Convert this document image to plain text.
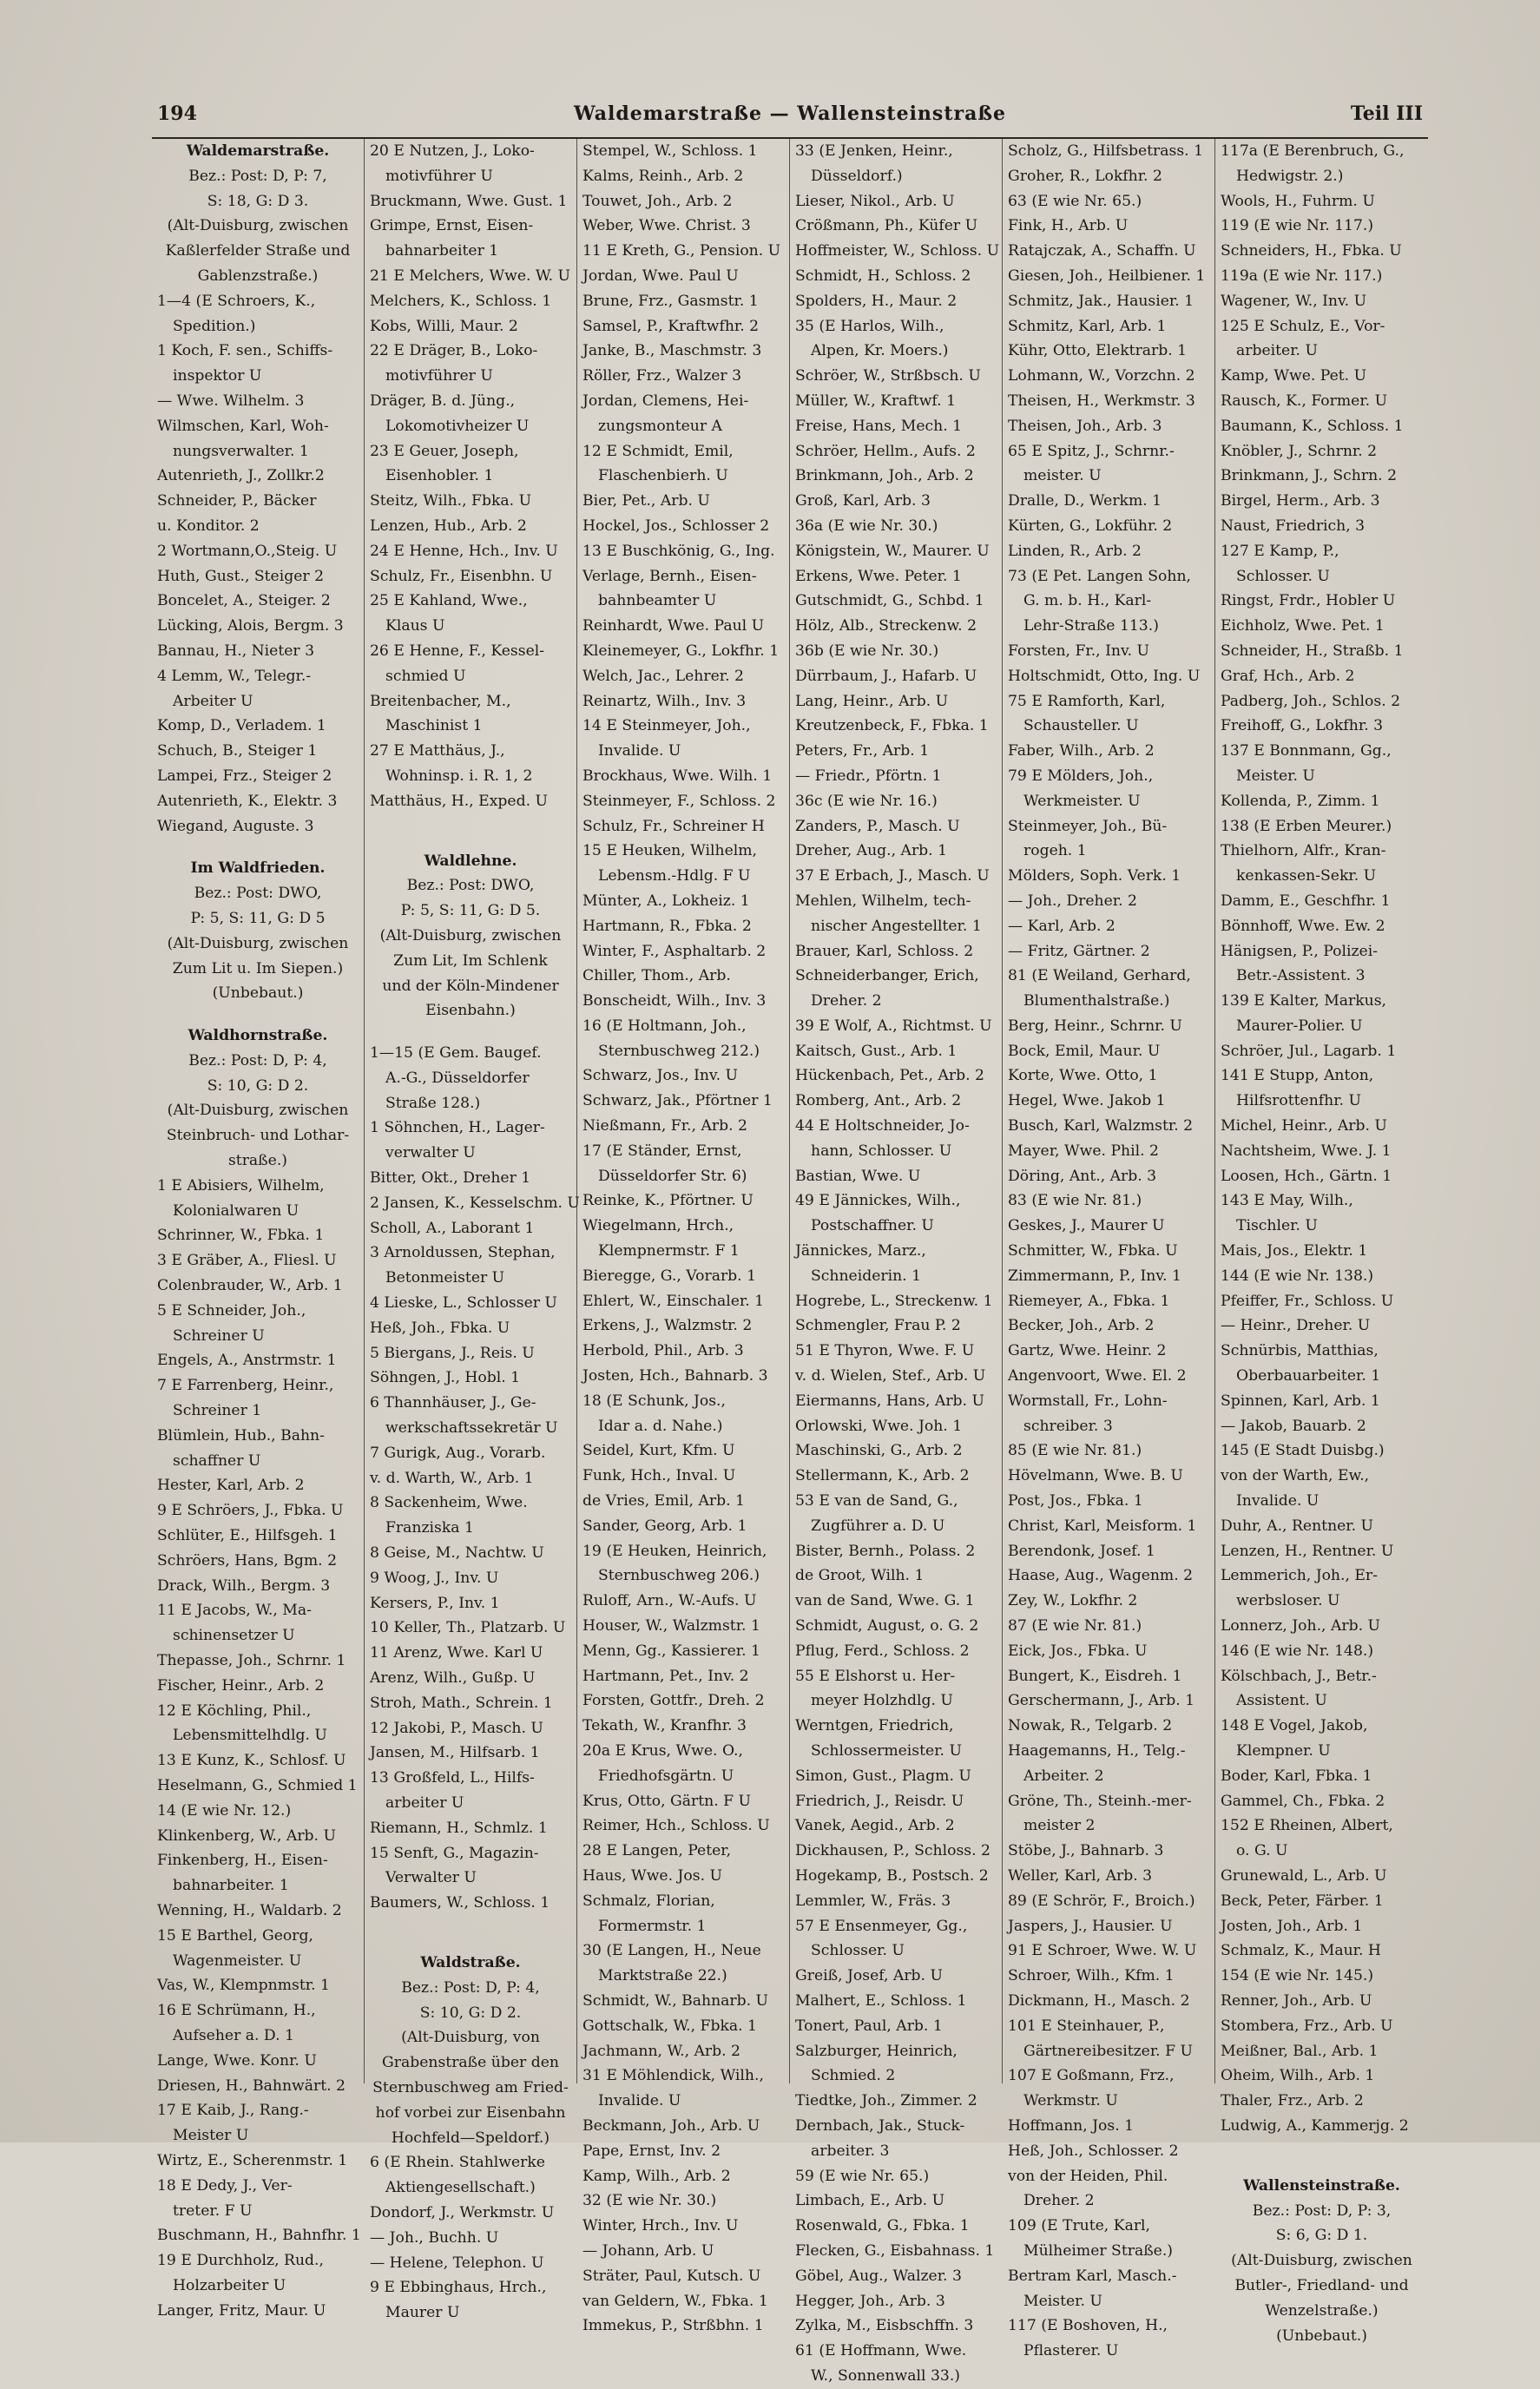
194	Waldemarstraße — Wallensteinstraße	Teil III
Waldemarstraße.
Bez.: Post: D, P: 7,
S: 18, G: D 3.
(Alt-Duisburg, zwischen
Kaßlerfelder Straße und
Gablenzstraße.)
1—4 (E Schroers, K.,
Spedition.)
1 Koch, F. sen., Schiffs-
inspektor U
— Wwe. Wilhelm. 3
Wilmschen, Karl, Woh-
nungsverwalter. 1
Autenrieth, J., Zollkr.2
Schneider, P., Bäcker
u. Konditor. 2
2 Wortmann,O.,Steig. U
Huth, Gust., Steiger 2
Boncelet, A., Steiger. 2
Lücking, Alois, Bergm. 3
Bannau, H., Nieter 3
4 Lemm, W., Telegr.-
Arbeiter U
Komp, D., Verladem. 1
Schuch, B., Steiger 1
Lampei, Frz., Steiger 2
Autenrieth, K., Elektr. 3
Wiegand, Auguste. 3
Im Waldfrieden.
Bez.: Post: DWO,
P: 5, S: 11, G: D 5
(Alt-Duisburg, zwischen
Zum Lit u. Im Siepen.)
(Unbebaut.)
Waldhornstraße.
Bez.: Post: D, P: 4,
S: 10, G: D 2.
(Alt-Duisburg, zwischen
Steinbruch- und Lothar-
straße.)
1 E Abisiers, Wilhelm,
Kolonialwaren U
Schrinner, W., Fbka. 1
3 E Gräber, A., Fliesl. U
Colenbrauder, W., Arb. 1
5 E Schneider, Joh.,
Schreiner U
Engels, A., Anstrmstr. 1
7 E Farrenberg, Heinr.,
Schreiner 1
Blümlein, Hub., Bahn-
schaffner U
Hester, Karl, Arb. 2
9 E Schröers, J., Fbka. U
Schlüter, E., Hilfsgeh. 1
Schröers, Hans, Bgm. 2
Drack, Wilh., Bergm. 3
11 E Jacobs, W., Ma-
schinensetzer U
Thepasse, Joh., Schrnr. 1
Fischer, Heinr., Arb. 2
12 E Köchling, Phil.,
Lebensmittelhdlg. U
13 E Kunz, K., Schlosf. U
Heselmann, G., Schmied 1
14 (E wie Nr. 12.)
Klinkenberg, W., Arb. U
Finkenberg, H., Eisen-
bahnarbeiter. 1
Wenning, H., Waldarb. 2
15 E Barthel, Georg,
Wagenmeister. U
Vas, W., Klempnmstr. 1
16 E Schrümann, H.,
Aufseher a. D. 1
Lange, Wwe. Konr. U
Driesen, H., Bahnwärt. 2
17 E Kaib, J., Rang.-
Meister U
Wirtz, E., Scherenmstr. 1
18 E Dedy, J., Ver-
treter. F U
Buschmann, H., Bahnfhr. 1
19 E Durchholz, Rud.,
Holzarbeiter U
Langer, Fritz, Maur. U
20 E Nutzen, J., Loko-
motivführer U
Bruckmann, Wwe. Gust. 1
Grimpe, Ernst, Eisen-
bahnarbeiter 1
21 E Melchers, Wwe. W. U
Melchers, K., Schloss. 1
Kobs, Willi, Maur. 2
22 E Dräger, B., Loko-
motivführer U
Dräger, B. d. Jüng.,
Lokomotivheizer U
23 E Geuer, Joseph,
Eisenhobler. 1
Steitz, Wilh., Fbka. U
Lenzen, Hub., Arb. 2
24 E Henne, Hch., Inv. U
Schulz, Fr., Eisenbhn. U
25 E Kahland, Wwe.,
Klaus U
26 E Henne, F., Kessel-
schmied U
Breitenbacher, M.,
Maschinist 1
27 E Matthäus, J.,
Wohninsp. i. R. 1, 2
Matthäus, H., Exped. U
Waldlehne.
Bez.: Post: DWO,
P: 5, S: 11, G: D 5.
(Alt-Duisburg, zwischen
Zum Lit, Im Schlenk
und der Köln-Mindener
Eisenbahn.)
1—15 (E Gem. Baugef.
A.-G., Düsseldorfer
Straße 128.)
1 Söhnchen, H., Lager-
verwalter U
Bitter, Okt., Dreher 1
2 Jansen, K., Kesselschm. U
Scholl, A., Laborant 1
3 Arnoldussen, Stephan,
Betonmeister U
4 Lieske, L., Schlosser U
Heß, Joh., Fbka. U
5 Biergans, J., Reis. U
Söhngen, J., Hobl. 1
6 Thannhäuser, J., Ge-
werkschaftssekretär U
7 Gurigk, Aug., Vorarb.
v. d. Warth, W., Arb. 1
8 Sackenheim, Wwe.
Franziska 1
8 Geise, M., Nachtw. U
9 Woog, J., Inv. U
Kersers, P., Inv. 1
10 Keller, Th., Platzarb. U
11 Arenz, Wwe. Karl U
Arenz, Wilh., Gußp. U
Stroh, Math., Schrein. 1
12 Jakobi, P., Masch. U
Jansen, M., Hilfsarb. 1
13 Großfeld, L., Hilfs-
arbeiter U
Riemann, H., Schmlz. 1
15 Senft, G., Magazin-
Verwalter U
Baumers, W., Schloss. 1
Waldstraße.
Bez.: Post: D, P: 4,
S: 10, G: D 2.
(Alt-Duisburg, von
Grabenstraße über den
Sternbuschweg am Fried-
hof vorbei zur Eisenbahn
Hochfeld—Speldorf.)
6 (E Rhein. Stahlwerke
Aktiengesellschaft.)
Dondorf, J., Werkmstr. U
— Joh., Buchh. U
— Helene, Telephon. U
9 E Ebbinghaus, Hrch.,
Maurer U
Stempel, W., Schloss. 1
Kalms, Reinh., Arb. 2
Touwet, Joh., Arb. 2
Weber, Wwe. Christ. 3
11 E Kreth, G., Pension. U
Jordan, Wwe. Paul U
Brune, Frz., Gasmstr. 1
Samsel, P., Kraftwfhr. 2
Janke, B., Maschmstr. 3
Röller, Frz., Walzer 3
Jordan, Clemens, Hei-
zungsmonteur A
12 E Schmidt, Emil,
Flaschenbierh. U
Bier, Pet., Arb. U
Hockel, Jos., Schlosser 2
13 E Buschkönig, G., Ing.
Verlage, Bernh., Eisen-
bahnbeamter U
Reinhardt, Wwe. Paul U
Kleinemeyer, G., Lokfhr. 1
Welch, Jac., Lehrer. 2
Reinartz, Wilh., Inv. 3
14 E Steinmeyer, Joh.,
Invalide. U
Brockhaus, Wwe. Wilh. 1
Steinmeyer, F., Schloss. 2
Schulz, Fr., Schreiner H
15 E Heuken, Wilhelm,
Lebensm.-Hdlg. F U
Münter, A., Lokheiz. 1
Hartmann, R., Fbka. 2
Winter, F., Asphaltarb. 2
Chiller, Thom., Arb.
Bonscheidt, Wilh., Inv. 3
16 (E Holtmann, Joh.,
Sternbuschweg 212.)
Schwarz, Jos., Inv. U
Schwarz, Jak., Pförtner 1
Nießmann, Fr., Arb. 2
17 (E Ständer, Ernst,
Düsseldorfer Str. 6)
Reinke, K., Pförtner. U
Wiegelmann, Hrch.,
Klempnermstr. F 1
Bieregge, G., Vorarb. 1
Ehlert, W., Einschaler. 1
Erkens, J., Walzmstr. 2
Herbold, Phil., Arb. 3
Josten, Hch., Bahnarb. 3
18 (E Schunk, Jos.,
Idar a. d. Nahe.)
Seidel, Kurt, Kfm. U
Funk, Hch., Inval. U
de Vries, Emil, Arb. 1
Sander, Georg, Arb. 1
19 (E Heuken, Heinrich,
Sternbuschweg 206.)
Ruloff, Arn., W.-Aufs. U
Houser, W., Walzmstr. 1
Menn, Gg., Kassierer. 1
Hartmann, Pet., Inv. 2
Forsten, Gottfr., Dreh. 2
Tekath, W., Kranfhr. 3
20a E Krus, Wwe. O.,
Friedhofsgärtn. U
Krus, Otto, Gärtn. F U
Reimer, Hch., Schloss. U
28 E Langen, Peter,
Haus, Wwe. Jos. U
Schmalz, Florian,
Formermstr. 1
30 (E Langen, H., Neue
Marktstraße 22.)
Schmidt, W., Bahnarb. U
Gottschalk, W., Fbka. 1
Jachmann, W., Arb. 2
31 E Möhlendick, Wilh.,
Invalide. U
Beckmann, Joh., Arb. U
Pape, Ernst, Inv. 2
Kamp, Wilh., Arb. 2
32 (E wie Nr. 30.)
Winter, Hrch., Inv. U
— Johann, Arb. U
Sträter, Paul, Kutsch. U
van Geldern, W., Fbka. 1
Immekus, P., Strßbhn. 1
33 (E Jenken, Heinr.,
Düsseldorf.)
Lieser, Nikol., Arb. U
Crößmann, Ph., Küfer U
Hoffmeister, W., Schloss. U
Schmidt, H., Schloss. 2
Spolders, H., Maur. 2
35 (E Harlos, Wilh.,
Alpen, Kr. Moers.)
Schröer, W., Strßbsch. U
Müller, W., Kraftwf. 1
Freise, Hans, Mech. 1
Schröer, Hellm., Aufs. 2
Brinkmann, Joh., Arb. 2
Groß, Karl, Arb. 3
36a (E wie Nr. 30.)
Königstein, W., Maurer. U
Erkens, Wwe. Peter. 1
Gutschmidt, G., Schbd. 1
Hölz, Alb., Streckenw. 2
36b (E wie Nr. 30.)
Dürrbaum, J., Hafarb. U
Lang, Heinr., Arb. U
Kreutzenbeck, F., Fbka. 1
Peters, Fr., Arb. 1
— Friedr., Pförtn. 1
36c (E wie Nr. 16.)
Zanders, P., Masch. U
Dreher, Aug., Arb. 1
37 E Erbach, J., Masch. U
Mehlen, Wilhelm, tech-
nischer Angestellter. 1
Brauer, Karl, Schloss. 2
Schneiderbanger, Erich,
Dreher. 2
39 E Wolf, A., Richtmst. U
Kaitsch, Gust., Arb. 1
Hückenbach, Pet., Arb. 2
Romberg, Ant., Arb. 2
44 E Holtschneider, Jo-
hann, Schlosser. U
Bastian, Wwe. U
49 E Jännickes, Wilh.,
Postschaffner. U
Jännickes, Marz.,
Schneiderin. 1
Hogrebe, L., Streckenw. 1
Schmengler, Frau P. 2
51 E Thyron, Wwe. F. U
v. d. Wielen, Stef., Arb. U
Eiermanns, Hans, Arb. U
Orlowski, Wwe. Joh. 1
Maschinski, G., Arb. 2
Stellermann, K., Arb. 2
53 E van de Sand, G.,
Zugführer a. D. U
Bister, Bernh., Polass. 2
de Groot, Wilh. 1
van de Sand, Wwe. G. 1
Schmidt, August, o. G. 2
Pflug, Ferd., Schloss. 2
55 E Elshorst u. Her-
meyer Holzhdlg. U
Werntgen, Friedrich,
Schlossermeister. U
Simon, Gust., Plagm. U
Friedrich, J., Reisdr. U
Vanek, Aegid., Arb. 2
Dickhausen, P., Schloss. 2
Hogekamp, B., Postsch. 2
Lemmler, W., Fräs. 3
57 E Ensenmeyer, Gg.,
Schlosser. U
Greiß, Josef, Arb. U
Malhert, E., Schloss. 1
Tonert, Paul, Arb. 1
Salzburger, Heinrich,
Schmied. 2
Tiedtke, Joh., Zimmer. 2
Dernbach, Jak., Stuck-
arbeiter. 3
59 (E wie Nr. 65.)
Limbach, E., Arb. U
Rosenwald, G., Fbka. 1
Flecken, G., Eisbahnass. 1
Göbel, Aug., Walzer. 3
Hegger, Joh., Arb. 3
Zylka, M., Eisbschffn. 3
61 (E Hoffmann, Wwe.
W., Sonnenwall 33.)
Scholz, G., Hilfsbetrass. 1
Groher, R., Lokfhr. 2
63 (E wie Nr. 65.)
Fink, H., Arb. U
Ratajczak, A., Schaffn. U
Giesen, Joh., Heilbiener. 1
Schmitz, Jak., Hausier. 1
Schmitz, Karl, Arb. 1
Kühr, Otto, Elektrarb. 1
Lohmann, W., Vorzchn. 2
Theisen, H., Werkmstr. 3
Theisen, Joh., Arb. 3
65 E Spitz, J., Schrnr.-
meister. U
Dralle, D., Werkm. 1
Kürten, G., Lokführ. 2
Linden, R., Arb. 2
73 (E Pet. Langen Sohn,
G. m. b. H., Karl-
Lehr-Straße 113.)
Forsten, Fr., Inv. U
Holtschmidt, Otto, Ing. U
75 E Ramforth, Karl,
Schausteller. U
Faber, Wilh., Arb. 2
79 E Mölders, Joh.,
Werkmeister. U
Steinmeyer, Joh., Bü-
rogeh. 1
Mölders, Soph. Verk. 1
— Joh., Dreher. 2
— Karl, Arb. 2
— Fritz, Gärtner. 2
81 (E Weiland, Gerhard,
Blumenthalstraße.)
Berg, Heinr., Schrnr. U
Bock, Emil, Maur. U
Korte, Wwe. Otto, 1
Hegel, Wwe. Jakob 1
Busch, Karl, Walzmstr. 2
Mayer, Wwe. Phil. 2
Döring, Ant., Arb. 3
83 (E wie Nr. 81.)
Geskes, J., Maurer U
Schmitter, W., Fbka. U
Zimmermann, P., Inv. 1
Riemeyer, A., Fbka. 1
Becker, Joh., Arb. 2
Gartz, Wwe. Heinr. 2
Angenvoort, Wwe. El. 2
Wormstall, Fr., Lohn-
schreiber. 3
85 (E wie Nr. 81.)
Hövelmann, Wwe. B. U
Post, Jos., Fbka. 1
Christ, Karl, Meisform. 1
Berendonk, Josef. 1
Haase, Aug., Wagenm. 2
Zey, W., Lokfhr. 2
87 (E wie Nr. 81.)
Eick, Jos., Fbka. U
Bungert, K., Eisdreh. 1
Gerschermann, J., Arb. 1
Nowak, R., Telgarb. 2
Haagemanns, H., Telg.-
Arbeiter. 2
Gröne, Th., Steinh.-mer-
meister 2
Stöbe, J., Bahnarb. 3
Weller, Karl, Arb. 3
89 (E Schrör, F., Broich.)
Jaspers, J., Hausier. U
91 E Schroer, Wwe. W. U
Schroer, Wilh., Kfm. 1
Dickmann, H., Masch. 2
101 E Steinhauer, P.,
Gärtnereibesitzer. F U
107 E Goßmann, Frz.,
Werkmstr. U
Hoffmann, Jos. 1
Heß, Joh., Schlosser. 2
von der Heiden, Phil.
Dreher. 2
109 (E Trute, Karl,
Mülheimer Straße.)
Bertram Karl, Masch.-
Meister. U
117 (E Boshoven, H.,
Pflasterer. U
117a (E Berenbruch, G.,
Hedwigstr. 2.)
Wools, H., Fuhrm. U
119 (E wie Nr. 117.)
Schneiders, H., Fbka. U
119a (E wie Nr. 117.)
Wagener, W., Inv. U
125 E Schulz, E., Vor-
arbeiter. U
Kamp, Wwe. Pet. U
Rausch, K., Former. U
Baumann, K., Schloss. 1
Knöbler, J., Schrnr. 2
Brinkmann, J., Schrn. 2
Birgel, Herm., Arb. 3
Naust, Friedrich, 3
127 E Kamp, P.,
Schlosser. U
Ringst, Frdr., Hobler U
Eichholz, Wwe. Pet. 1
Schneider, H., Straßb. 1
Graf, Hch., Arb. 2
Padberg, Joh., Schlos. 2
Freihoff, G., Lokfhr. 3
137 E Bonnmann, Gg.,
Meister. U
Kollenda, P., Zimm. 1
138 (E Erben Meurer.)
Thielhorn, Alfr., Kran-
kenkassen-Sekr. U
Damm, E., Geschfhr. 1
Bönnhoff, Wwe. Ew. 2
Hänigsen, P., Polizei-
Betr.-Assistent. 3
139 E Kalter, Markus,
Maurer-Polier. U
Schröer, Jul., Lagarb. 1
141 E Stupp, Anton,
Hilfsrottenfhr. U
Michel, Heinr., Arb. U
Nachtsheim, Wwe. J. 1
Loosen, Hch., Gärtn. 1
143 E May, Wilh.,
Tischler. U
Mais, Jos., Elektr. 1
144 (E wie Nr. 138.)
Pfeiffer, Fr., Schloss. U
— Heinr., Dreher. U
Schnürbis, Matthias,
Oberbauarbeiter. 1
Spinnen, Karl, Arb. 1
— Jakob, Bauarb. 2
145 (E Stadt Duisbg.)
von der Warth, Ew.,
Invalide. U
Duhr, A., Rentner. U
Lenzen, H., Rentner. U
Lemmerich, Joh., Er-
werbsloser. U
Lonnerz, Joh., Arb. U
146 (E wie Nr. 148.)
Kölschbach, J., Betr.-
Assistent. U
148 E Vogel, Jakob,
Klempner. U
Boder, Karl, Fbka. 1
Gammel, Ch., Fbka. 2
152 E Rheinen, Albert,
o. G. U
Grunewald, L., Arb. U
Beck, Peter, Färber. 1
Josten, Joh., Arb. 1
Schmalz, K., Maur. H
154 (E wie Nr. 145.)
Renner, Joh., Arb. U
Stombera, Frz., Arb. U
Meißner, Bal., Arb. 1
Oheim, Wilh., Arb. 1
Thaler, Frz., Arb. 2
Ludwig, A., Kammerjg. 2
Wallensteinstraße.
Bez.: Post: D, P: 3,
S: 6, G: D 1.
(Alt-Duisburg, zwischen
Butler-, Friedland- und
Wenzelstraße.)
(Unbebaut.)
